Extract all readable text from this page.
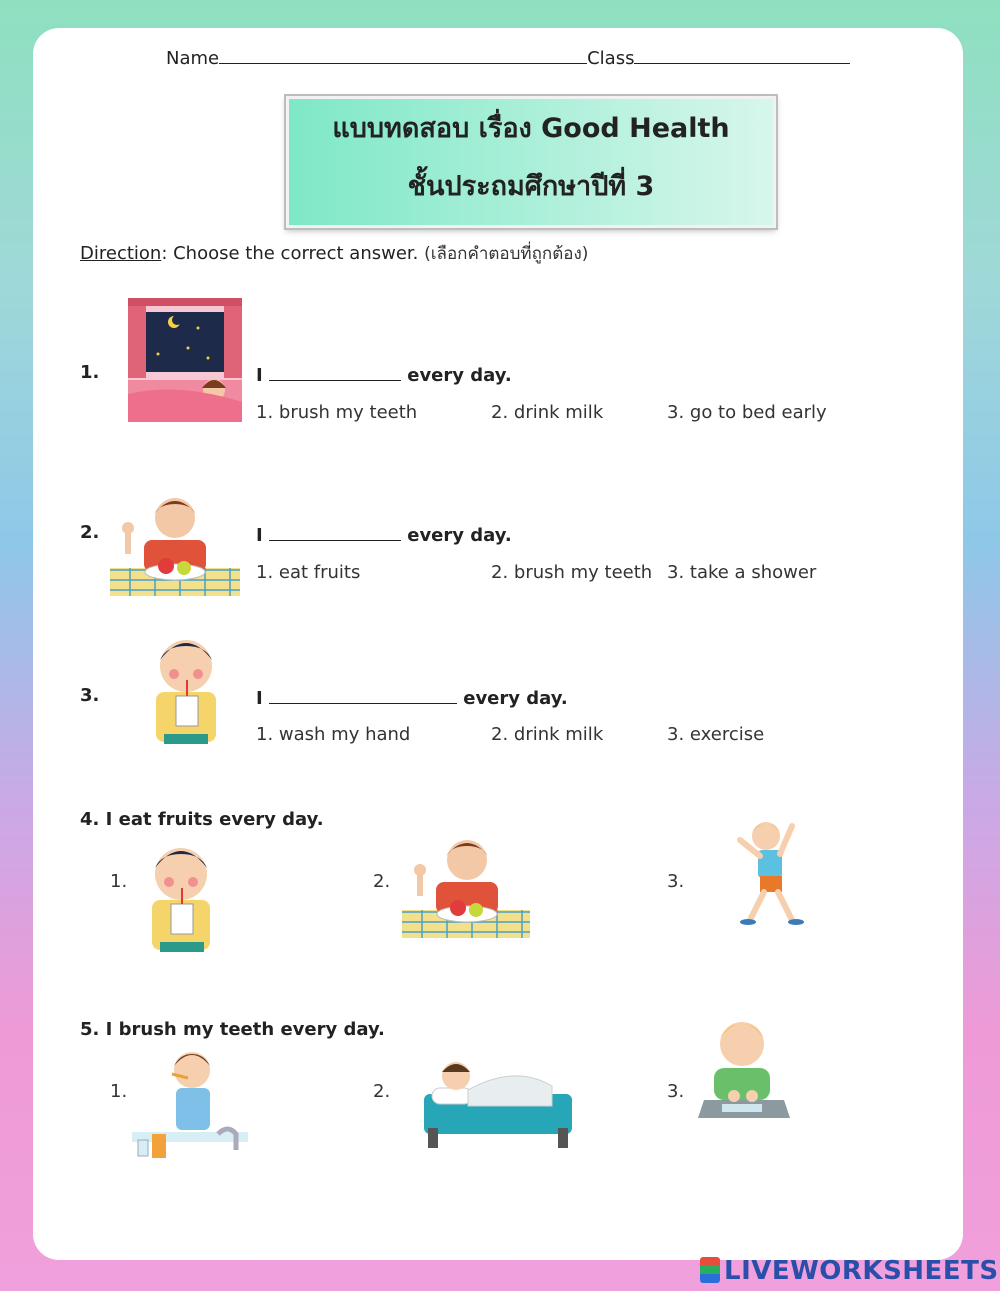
Name	Class
แบบทดสอบ เรื่อง Good Health
ชั้นประถมศึกษาปีที่ 3
Direction: Choose the correct answer. (เลือกคำตอบที่ถูกต้อง)
1.	I	every day.
1. brush my teeth	2. drink milk	3. go to bed early
2.	I	every day.
1. eat fruits	2. brush my teeth 3. take a shower
3.	I	every day.
1. wash my hand	2. drink milk	3. exercise
4. I eat fruits every day.
1.	2.	3.
5. I brush my teeth every day.
1.	2.	3.
LIVEWORKSHEETS
